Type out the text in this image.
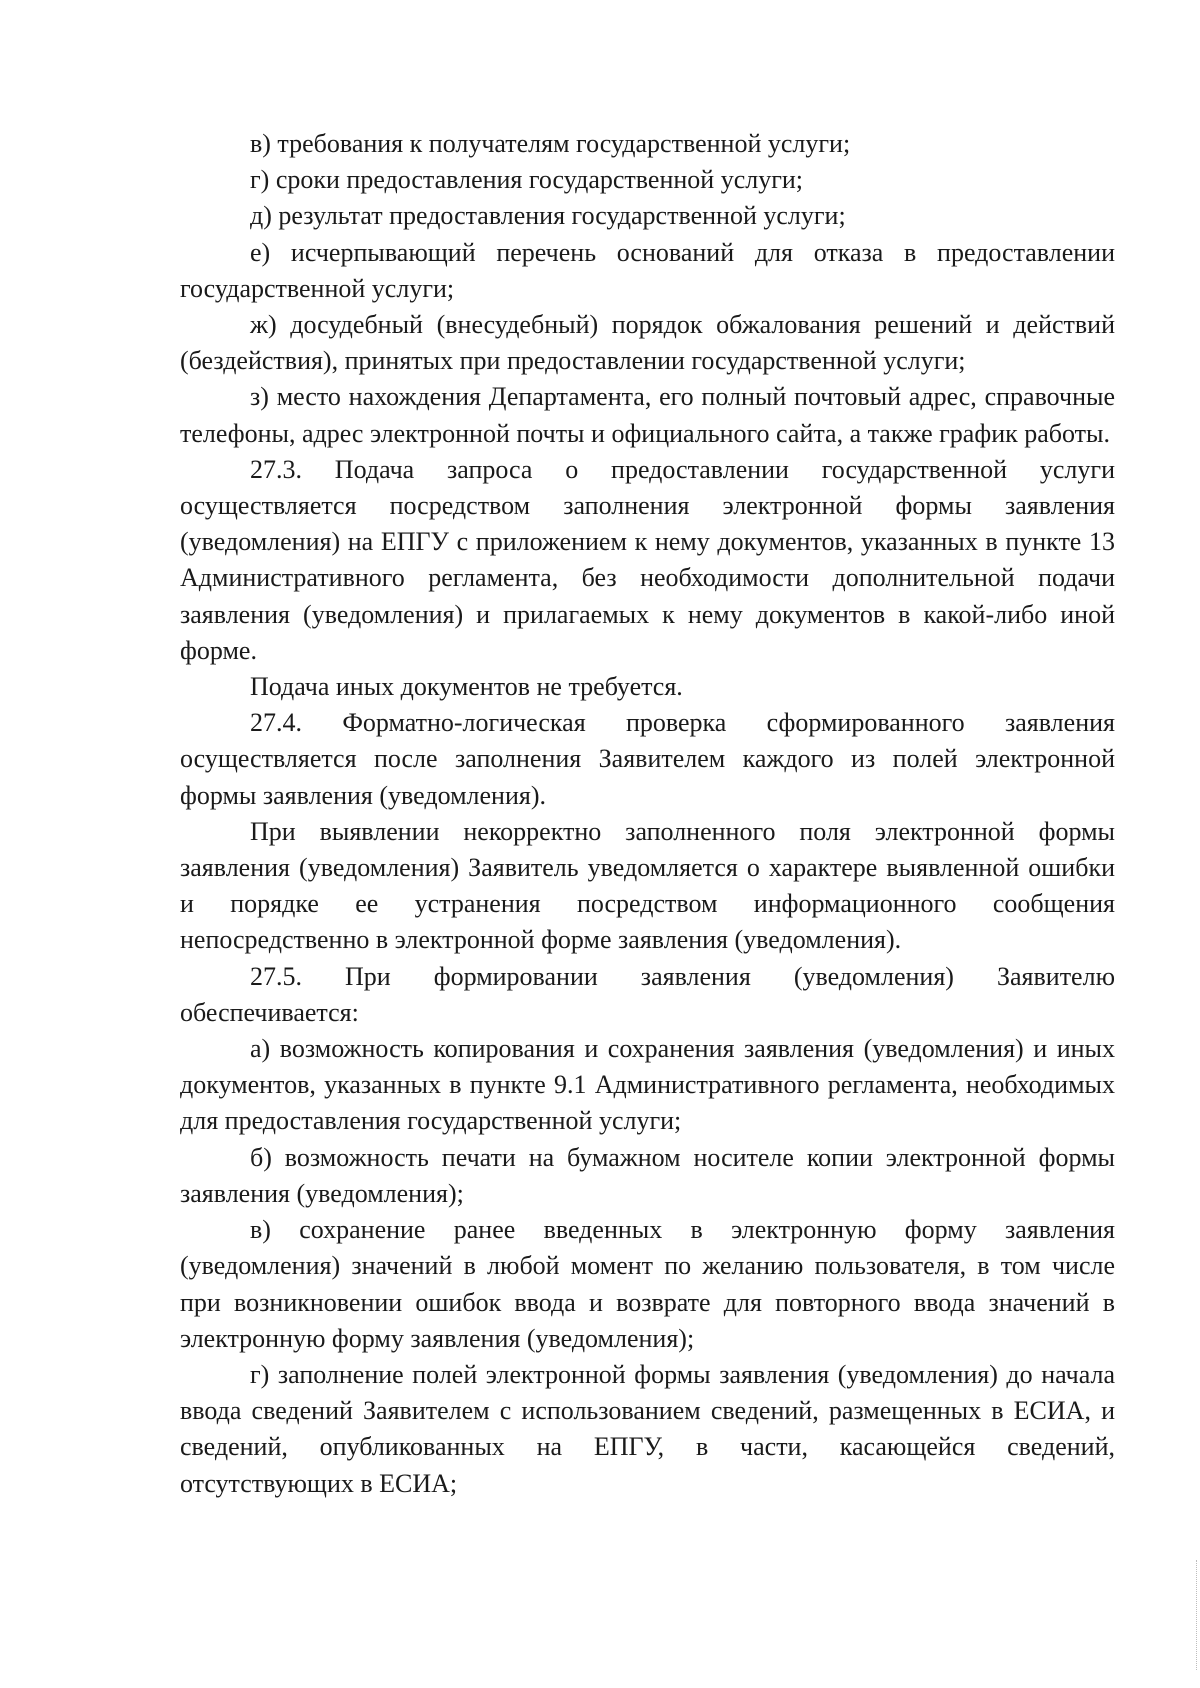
в) требования к получателям государственной услуги;

г) сроки предоставления государственной услуги;

д) результат предоставления государственной услуги;

е) исчерпывающий перечень оснований для отказа в предоставлении государственной услуги;

ж) досудебный (внесудебный) порядок обжалования решений и действий (бездействия), принятых при предоставлении государственной услуги;

з) место нахождения Департамента, его полный почтовый адрес, справочные телефоны, адрес электронной почты и официального сайта, а также график работы.

27.3. Подача запроса о предоставлении государственной услуги осуществляется посредством заполнения электронной формы заявления (уведомления) на ЕПГУ с приложением к нему документов, указанных в пункте 13 Административного регламента, без необходимости дополнительной подачи заявления (уведомления) и прилагаемых к нему документов в какой-либо иной форме.

Подача иных документов не требуется.

27.4. Форматно-логическая проверка сформированного заявления осуществляется после заполнения Заявителем каждого из полей электронной формы заявления (уведомления).

При выявлении некорректно заполненного поля электронной формы заявления (уведомления) Заявитель уведомляется о характере выявленной ошибки и порядке ее устранения посредством информационного сообщения непосредственно в электронной форме заявления (уведомления).

27.5. При формировании заявления (уведомления) Заявителю обеспечивается:

а) возможность копирования и сохранения заявления (уведомления) и иных документов, указанных в пункте 9.1 Административного регламента, необходимых для предоставления государственной услуги;

б) возможность печати на бумажном носителе копии электронной формы заявления (уведомления);

в) сохранение ранее введенных в электронную форму заявления (уведомления) значений в любой момент по желанию пользователя, в том числе при возникновении ошибок ввода и возврате для повторного ввода значений в электронную форму заявления (уведомления);

г) заполнение полей электронной формы заявления (уведомления) до начала ввода сведений Заявителем с использованием сведений, размещенных в ЕСИА, и сведений, опубликованных на ЕПГУ, в части, касающейся сведений, отсутствующих в ЕСИА;
